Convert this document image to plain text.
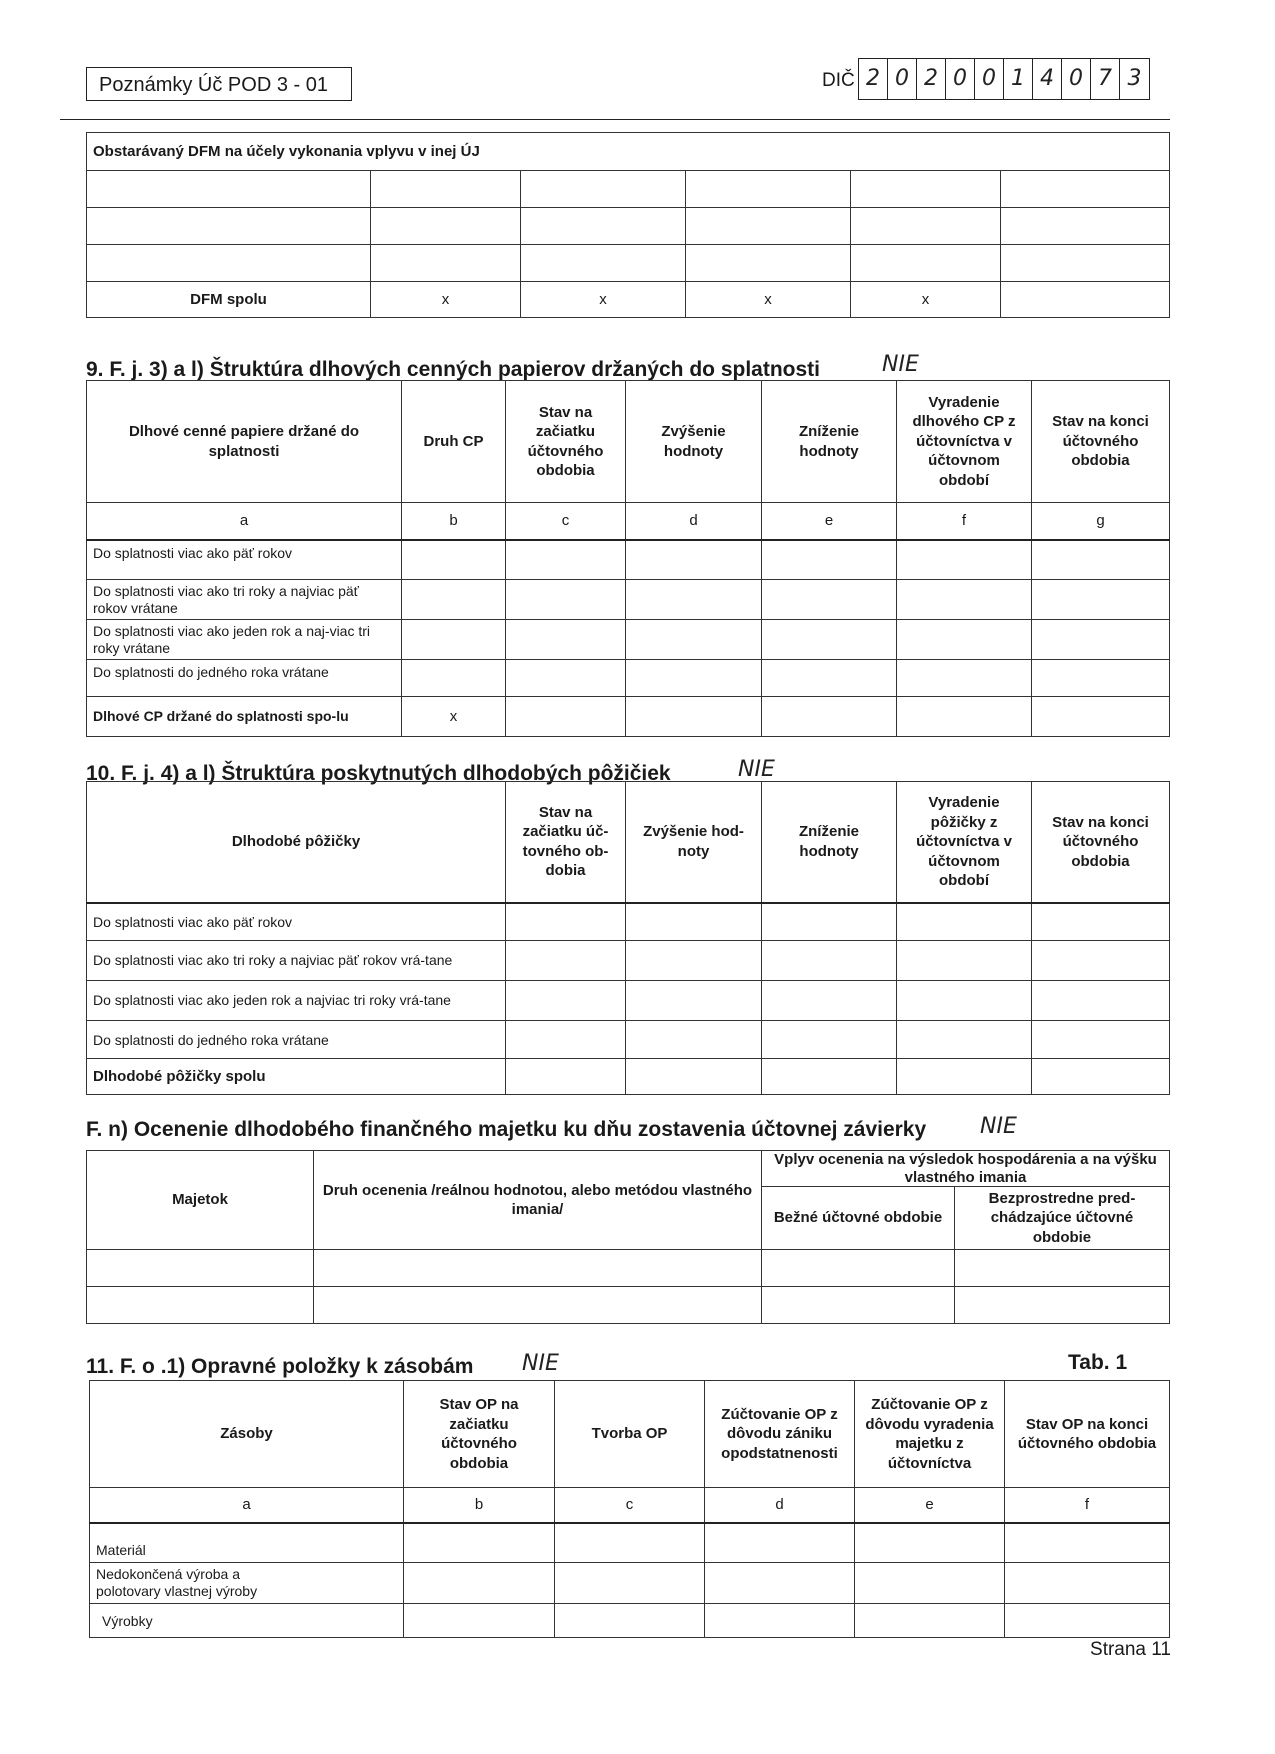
Poznámky Úč POD 3 - 01	DIČ 2 0 2 0 0 1 4 0 7 3
Obstarávaný DFM na účely vykonania vplyvu v inej ÚJ					

DFM spolu	x	x	x	x	
9. F. j. 3) a l) Štruktúra dlhových cenných papierov držaných do splatnosti	NIE
Dlhové cenné papiere držané do splatnosti	Druh CP	Stav na začiatku účtovného obdobia	Zvýšenie hodnoty	Zníženie hodnoty	Vyradenie dlhového CP z účtovníctva v účtovnom období	Stav na konci účtovného obdobia
a	b	c	d	e	f	g
Do splatnosti viac ako päť rokov						
Do splatnosti viac ako tri roky a najviac päť rokov vrátane						
Do splatnosti viac ako jeden rok a naj-viac tri roky vrátane						
Do splatnosti do jedného roka vrátane						
Dlhové CP držané do splatnosti spo-lu	x					
10. F. j. 4) a l) Štruktúra poskytnutých dlhodobých pôžičiek	NIE
Dlhodobé pôžičky	Stav na začiatku úč-tovného ob-dobia	Zvýšenie hod-noty	Zníženie hodnoty	Vyradenie pôžičky z účtovníctva v účtovnom období	Stav na konci účtovného obdobia
Do splatnosti viac ako päť rokov					
Do splatnosti viac ako tri roky a najviac päť rokov vrá-tane					
Do splatnosti viac ako jeden rok a najviac tri roky vrá-tane					
Do splatnosti do jedného roka vrátane					
Dlhodobé pôžičky spolu					
F. n) Ocenenie dlhodobého finančného majetku ku dňu zostavenia účtovnej závierky NIE
Majetok	Druh ocenenia /reálnou hodnotou, alebo metódou vlastného imania/	Vplyv ocenenia na výsledok hospodárenia a na výšku vlastného imania	
		Bežné účtovné obdobie	Bezprostredne pred-chádzajúce účtovné obdobie

11. F. o .1) Opravné položky k zásobám NIE	Tab. 1
Zásoby	Stav OP na začiatku účtovného obdobia	Tvorba OP	Zúčtovanie OP z dôvodu zániku opodstatnenosti	Zúčtovanie OP z dôvodu vyradenia majetku z účtovníctva	Stav OP na konci účtovného obdobia
a	b	c	d	e	f
Materiál					
Nedokončená výroba a polotovary vlastnej výroby					
Výrobky					
Strana 11
